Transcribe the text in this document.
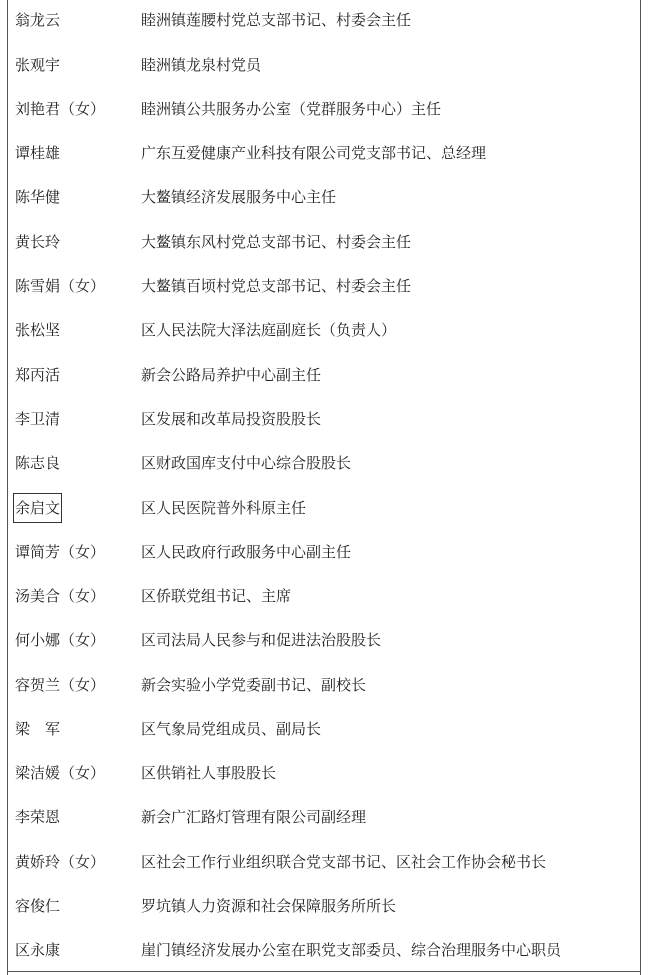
翁龙云	睦洲镇莲腰村党总支部书记、村委会主任
张观宇	睦洲镇龙泉村党员
刘艳君（女） 睦洲镇公共服务办公室（党群服务中心）主任
谭桂雄	广东互爱健康产业科技有限公司党支部书记、总经理
陈华健	大鳌镇经济发展服务中心主任
黄长玲	大鳌镇东风村党总支部书记、村委会主任
陈雪娟（女） 大鳌镇百顷村党总支部书记、村委会主任
张松坚	区人民法院大泽法庭副庭长（负责人）
郑丙活	新会公路局养护中心副主任
李卫清	区发展和改革局投资股股长
陈志良	区财政国库支付中心综合股股长
余启文	区人民医院普外科原主任
谭简芳（女） 区人民政府行政服务中心副主任
汤美合（女） 区侨联党组书记、主席
何小娜（女） 区司法局人民参与和促进法治股股长
容贺兰（女） 新会实验小学党委副书记、副校长
梁　军	区气象局党组成员、副局长
梁洁媛（女） 区供销社人事股股长
李荣恩	新会广汇路灯管理有限公司副经理
黄娇玲（女） 区社会工作行业组织联合党支部书记、区社会工作协会秘书长
容俊仁	罗坑镇人力资源和社会保障服务所所长
区永康	崖门镇经济发展办公室在职党支部委员、综合治理服务中心职员
